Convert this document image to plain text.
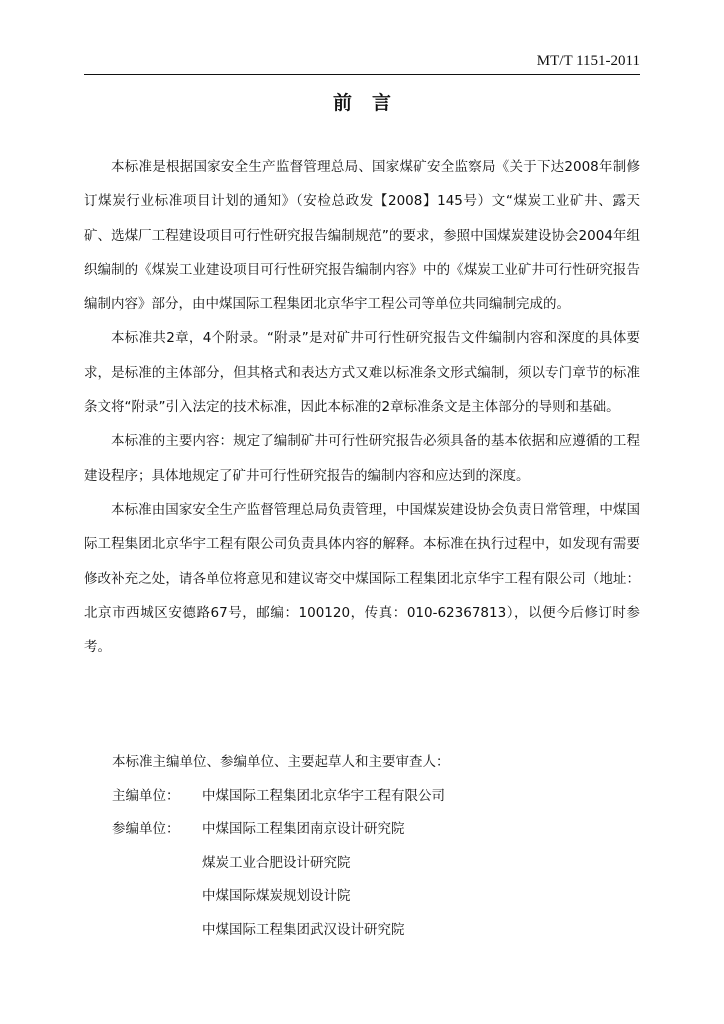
MT/T 1151-2011
前言

本标准是根据国家安全生产监督管理总局、国家煤矿安全监察局《关于下达2008年制修订煤炭行业标准项目计划的通知》（安检总政发【2008】145号）文“煤炭工业矿井、露天矿、选煤厂工程建设项目可行性研究报告编制规范”的要求，参照中国煤炭建设协会2004年组织编制的《煤炭工业建设项目可行性研究报告编制内容》中的《煤炭工业矿井可行性研究报告编制内容》部分，由中煤国际工程集团北京华宇工程公司等单位共同编制完成的。

本标准共2章，4个附录。“附录”是对矿井可行性研究报告文件编制内容和深度的具体要求，是标准的主体部分，但其格式和表达方式又难以标准条文形式编制，须以专门章节的标准条文将“附录”引入法定的技术标准，因此本标准的2章标准条文是主体部分的导则和基础。

本标准的主要内容：规定了编制矿井可行性研究报告必须具备的基本依据和应遵循的工程建设程序；具体地规定了矿井可行性研究报告的编制内容和应达到的深度。

本标准由国家安全生产监督管理总局负责管理，中国煤炭建设协会负责日常管理，中煤国际工程集团北京华宇工程有限公司负责具体内容的解释。本标准在执行过程中，如发现有需要修改补充之处，请各单位将意见和建议寄交中煤国际工程集团北京华宇工程有限公司（地址：北京市西城区安德路67号，邮编：100120，传真：010-62367813），以便今后修订时参考。

本标准主编单位、参编单位、主要起草人和主要审查人：
主编单位：	中煤国际工程集团北京华宇工程有限公司
参编单位：	中煤国际工程集团南京设计研究院
煤炭工业合肥设计研究院
中煤国际煤炭规划设计院
中煤国际工程集团武汉设计研究院
